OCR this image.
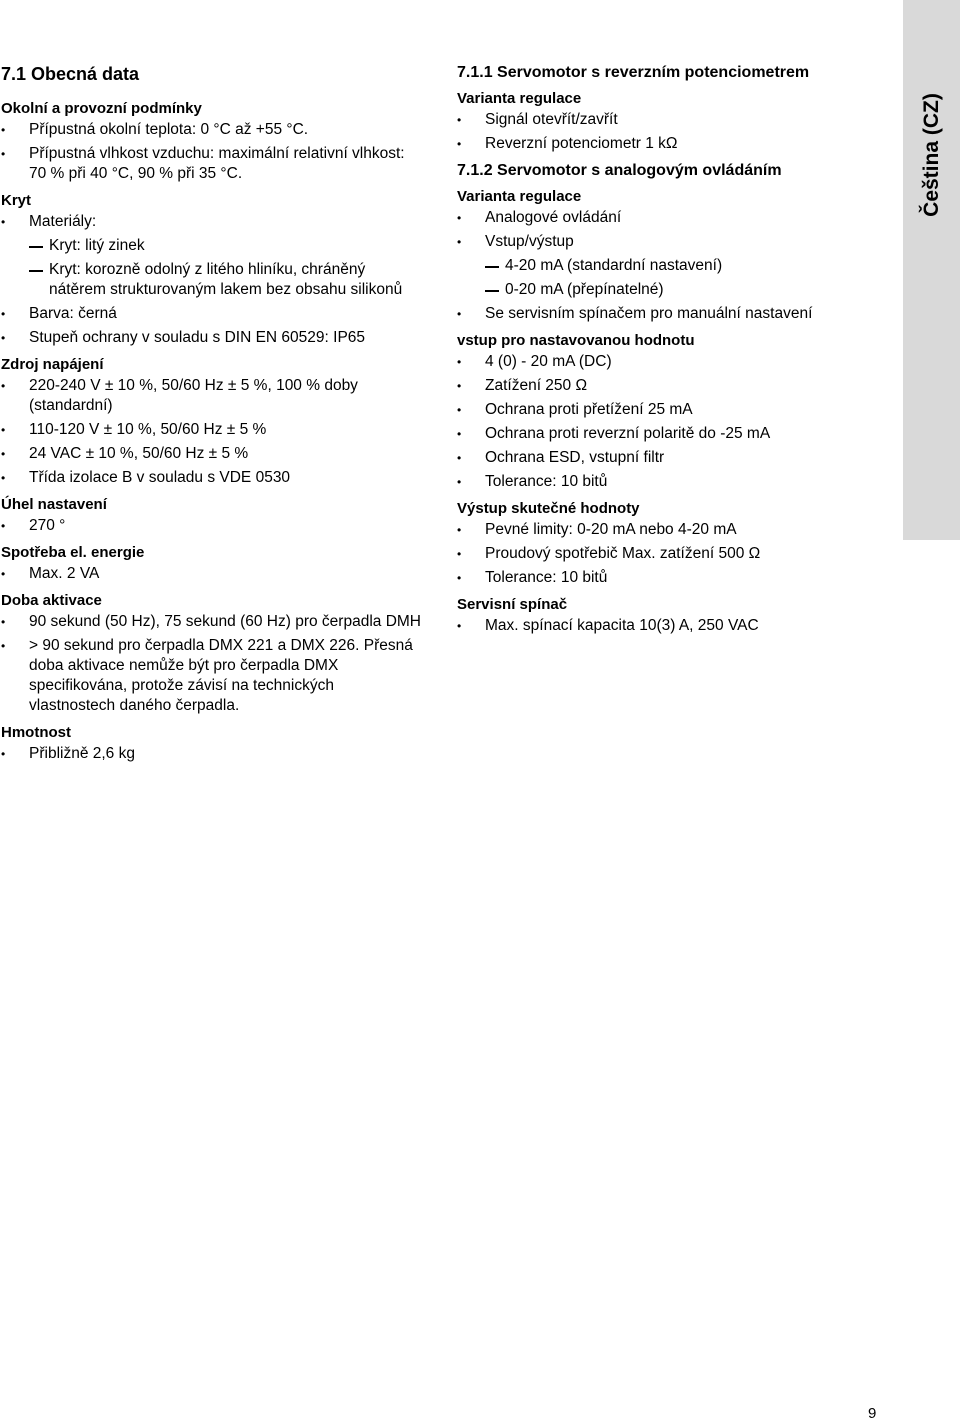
7.1 Obecná data
Okolní a provozní podmínky
• Přípustná okolní teplota: 0 °C až +55 °C.
• Přípustná vlhkost vzduchu: maximální relativní vlhkost: 70 % při 40 °C, 90 % při 35 °C.
Kryt
• Materiály:
Kryt: litý zinek
Kryt: korozně odolný z litého hliníku, chráněný nátěrem strukturovaným lakem bez obsahu silikonů
• Barva: černá
• Stupeň ochrany v souladu s DIN EN 60529: IP65
Zdroj napájení
• 220-240 V ± 10 %, 50/60 Hz ± 5 %, 100 % doby (standardní)
• 110-120 V ± 10 %, 50/60 Hz ± 5 %
• 24 VAC ± 10 %, 50/60 Hz ± 5 %
• Třída izolace B v souladu s VDE 0530
Úhel nastavení
• 270 °
Spotřeba el. energie
• Max. 2 VA
Doba aktivace
• 90 sekund (50 Hz), 75 sekund (60 Hz) pro čerpadla DMH
• > 90 sekund pro čerpadla DMX 221 a DMX 226. Přesná doba aktivace nemůže být pro čerpadla DMX specifikována, protože závisí na technických vlastnostech daného čerpadla.
Hmotnost
• Přibližně 2,6 kg
7.1.1 Servomotor s reverzním potenciometrem
Varianta regulace
• Signál otevřít/zavřít
• Reverzní potenciometr 1 kΩ
7.1.2 Servomotor s analogovým ovládáním
Varianta regulace
• Analogové ovládání
• Vstup/výstup
4-20 mA (standardní nastavení)
0-20 mA (přepínatelné)
• Se servisním spínačem pro manuální nastavení
vstup pro nastavovanou hodnotu
• 4 (0) - 20 mA (DC)
• Zatížení 250 Ω
• Ochrana proti přetížení 25 mA
• Ochrana proti reverzní polaritě do -25 mA
• Ochrana ESD, vstupní filtr
• Tolerance: 10 bitů
Výstup skutečné hodnoty
• Pevné limity: 0-20 mA nebo 4-20 mA
• Proudový spotřebič Max. zatížení 500 Ω
• Tolerance: 10 bitů
Servisní spínač
• Max. spínací kapacita 10(3) A, 250 VAC
Čeština (CZ)
9
